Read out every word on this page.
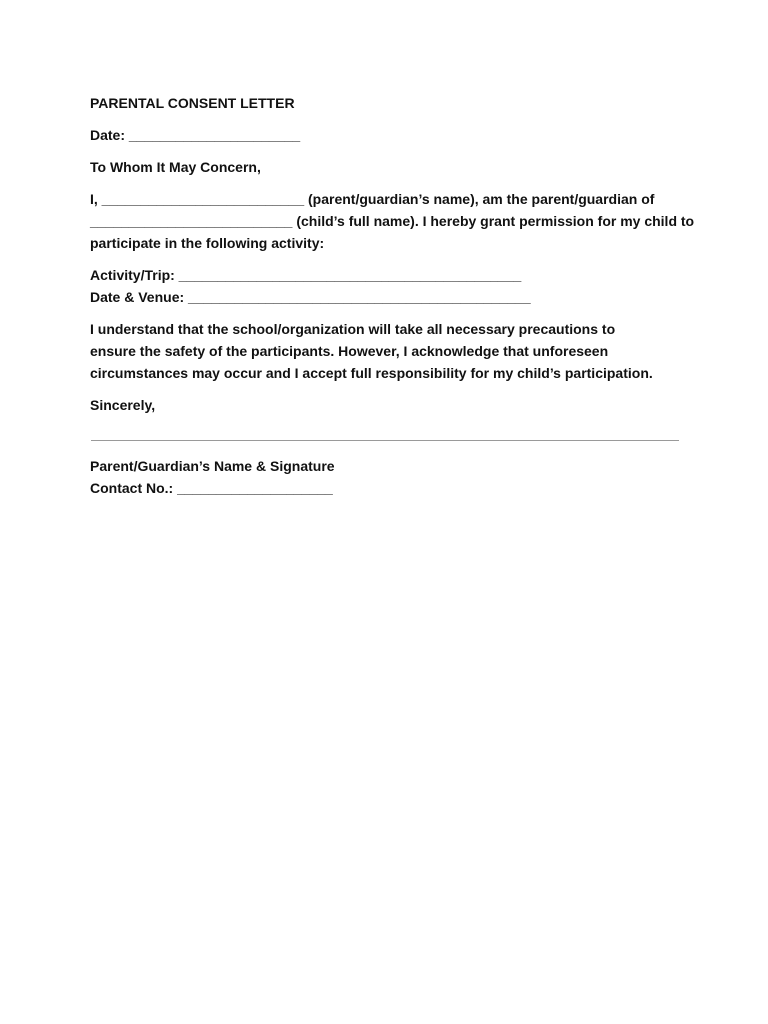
PARENTAL CONSENT LETTER
Date: ______________________
To Whom It May Concern,
I, __________________________ (parent/guardian’s name), am the parent/guardian of
__________________________ (child’s full name). I hereby grant permission for my child to
participate in the following activity:
Activity/Trip: ____________________________________________
Date & Venue: ____________________________________________
I understand that the school/organization will take all necessary precautions to
ensure the safety of the participants. However, I acknowledge that unforeseen
circumstances may occur and I accept full responsibility for my child’s participation.
Sincerely,
Parent/Guardian’s Name & Signature
Contact No.: ____________________
